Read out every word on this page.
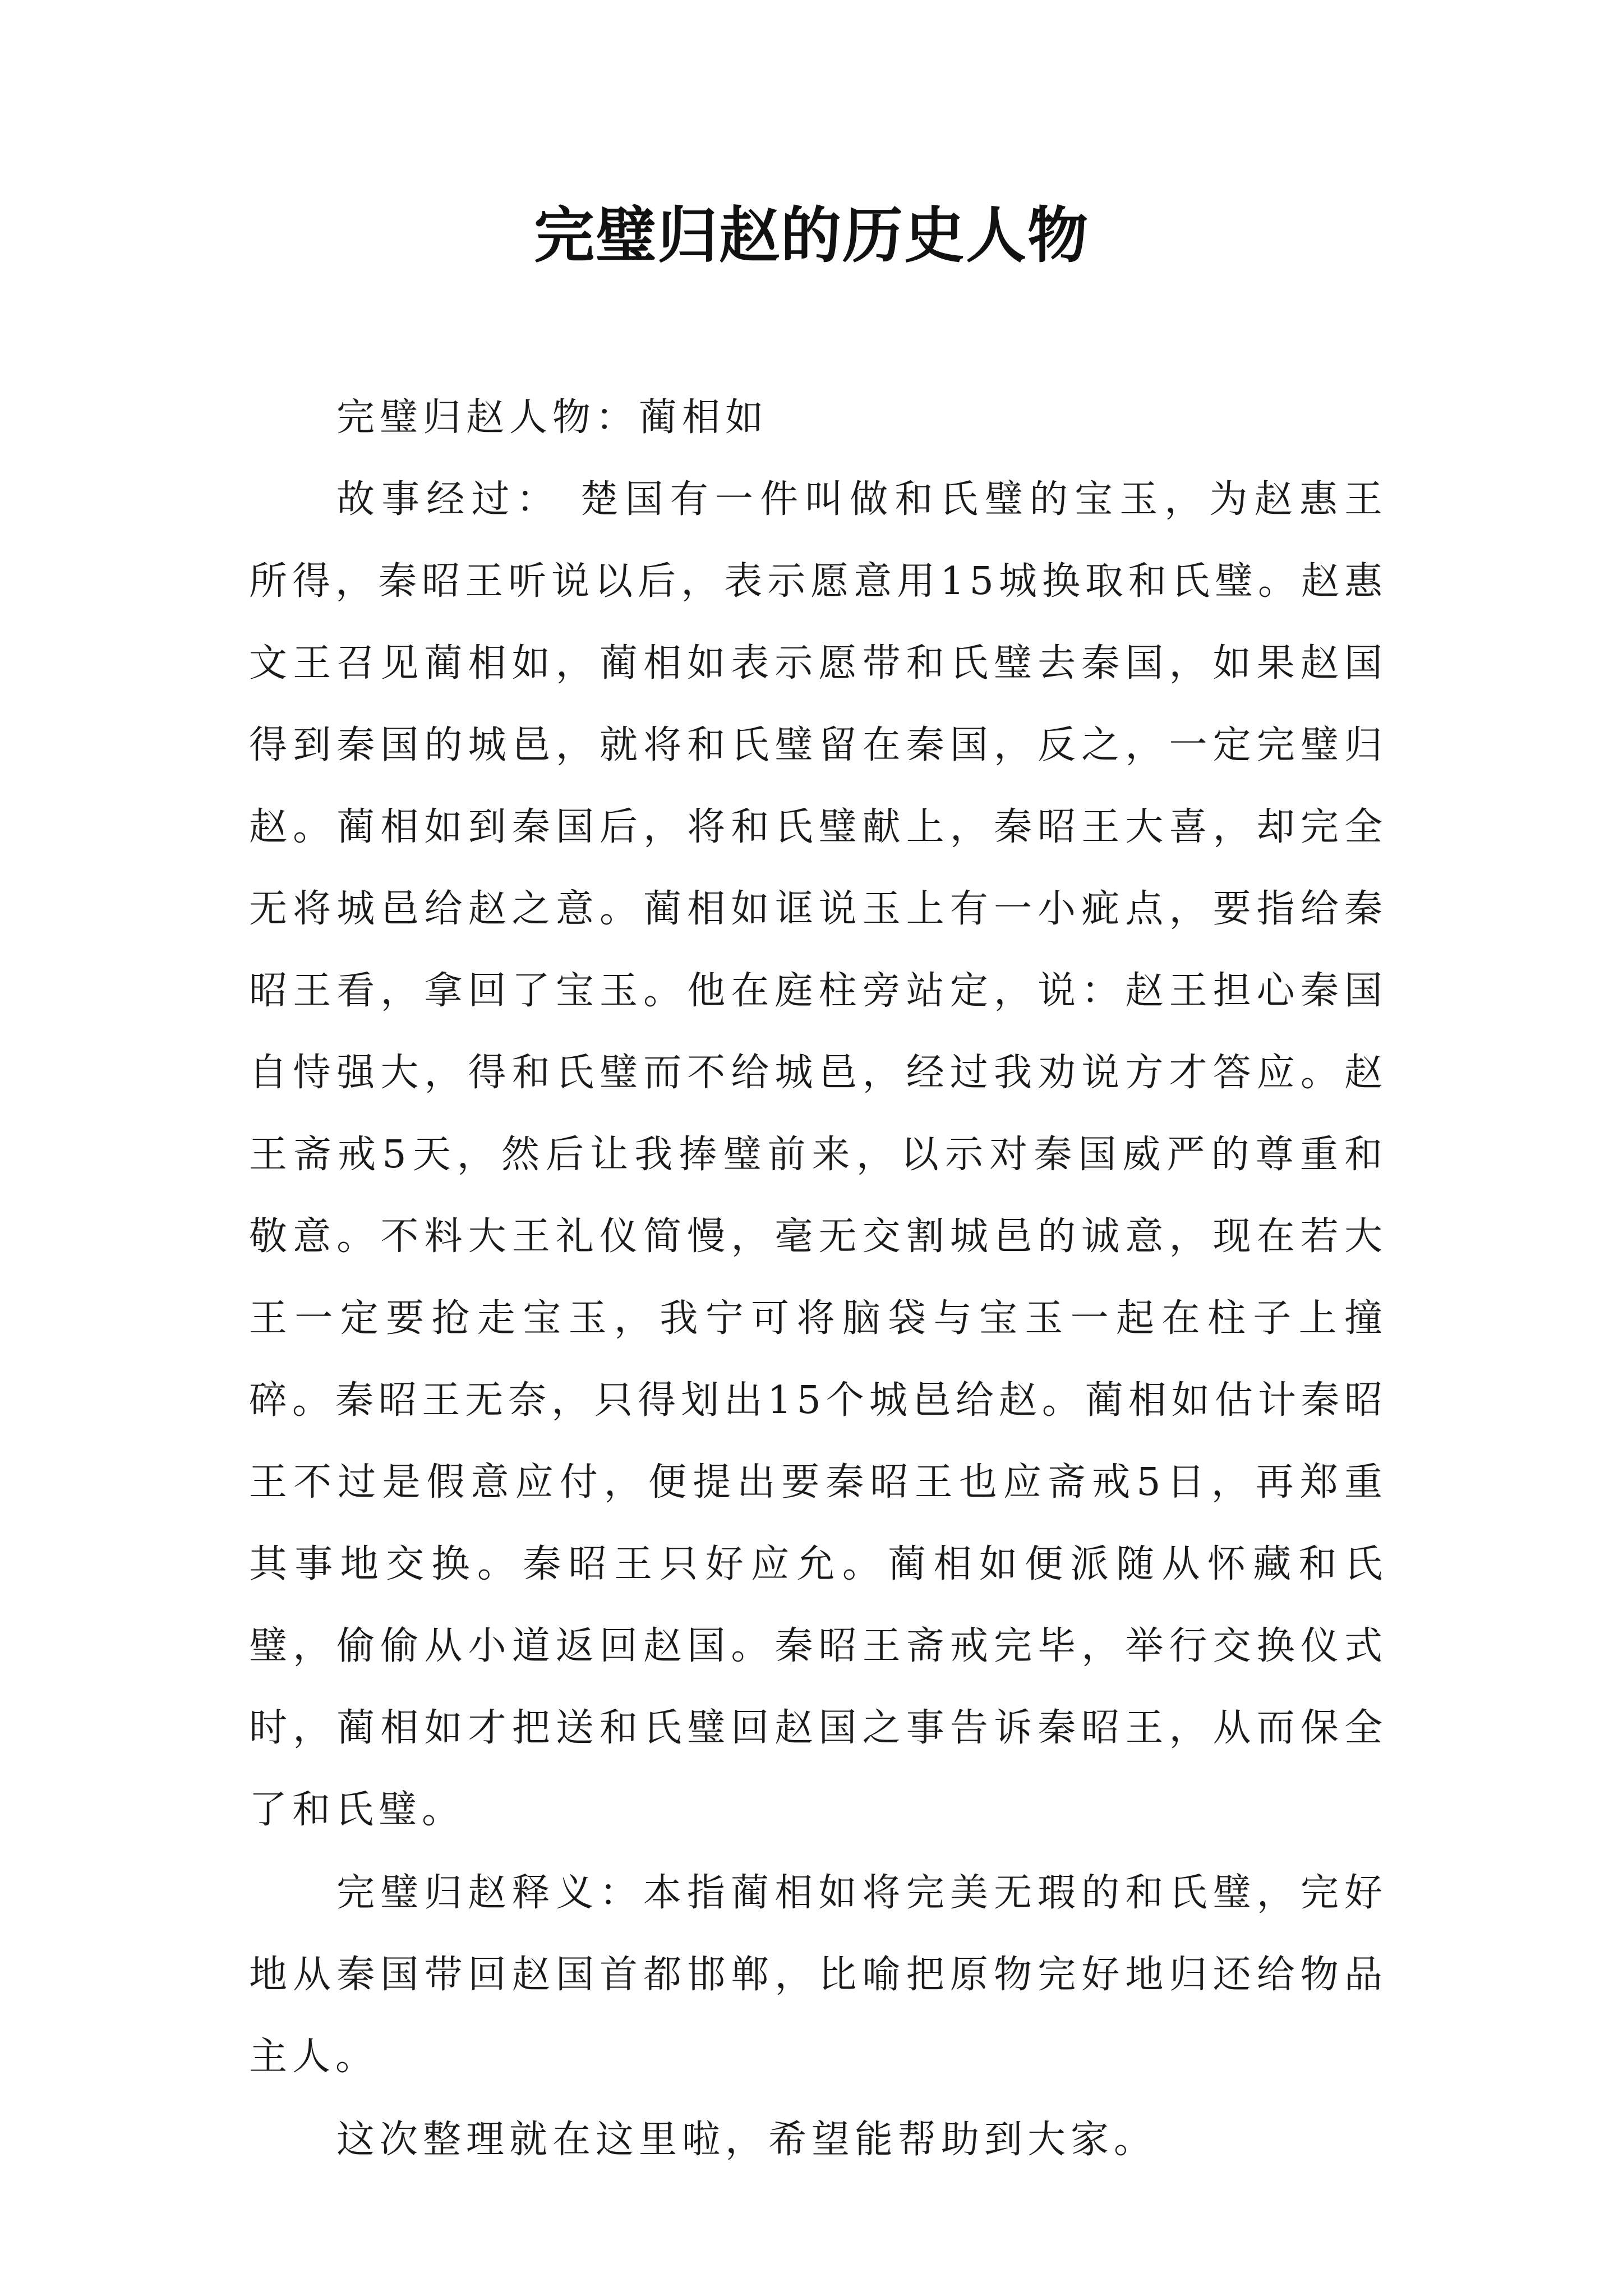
完璧归赵的历史人物

完璧归赵人物：蔺相如

故事经过： 楚国有一件叫做和氏璧的宝玉，为赵惠王所得，秦昭王听说以后，表示愿意用15城换取和氏璧。赵惠文王召见蔺相如，蔺相如表示愿带和氏璧去秦国，如果赵国得到秦国的城邑，就将和氏璧留在秦国，反之，一定完璧归赵。蔺相如到秦国后，将和氏璧献上，秦昭王大喜，却完全无将城邑给赵之意。蔺相如诓说玉上有一小疵点，要指给秦昭王看，拿回了宝玉。他在庭柱旁站定，说：赵王担心秦国自恃强大，得和氏璧而不给城邑，经过我劝说方才答应。赵王斋戒5天，然后让我捧璧前来，以示对秦国威严的尊重和敬意。不料大王礼仪简慢，毫无交割城邑的诚意，现在若大王一定要抢走宝玉，我宁可将脑袋与宝玉一起在柱子上撞碎。秦昭王无奈，只得划出15个城邑给赵。蔺相如估计秦昭王不过是假意应付，便提出要秦昭王也应斋戒5日，再郑重其事地交换。秦昭王只好应允。蔺相如便派随从怀藏和氏璧，偷偷从小道返回赵国。秦昭王斋戒完毕，举行交换仪式时，蔺相如才把送和氏璧回赵国之事告诉秦昭王，从而保全了和氏璧。

完璧归赵释义：本指蔺相如将完美无瑕的和氏璧，完好地从秦国带回赵国首都邯郸，比喻把原物完好地归还给物品主人。

这次整理就在这里啦，希望能帮助到大家。
